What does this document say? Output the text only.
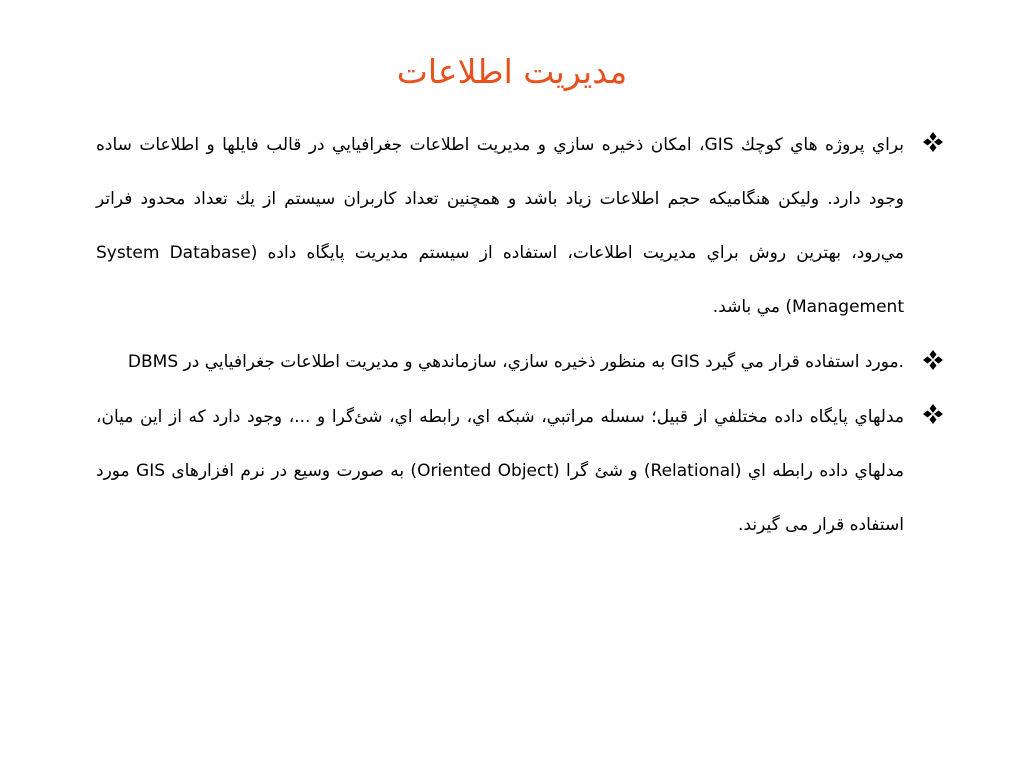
مديريت اطلاعات

براي پروژه هاي كوچك GIS، امكان ذخيره سازي و مديريت اطلاعات جغرافيايي در قالب فايلها و اطلاعات ساده وجود دارد. وليكن هنگاميكه حجم اطلاعات زياد باشد و همچنين تعداد كاربران سيستم از يك تعداد محدود فراتر مي‌رود، بهترين روش براي مديريت اطلاعات، استفاده از سيستم مديريت پايگاه داده (System Database Management) مي باشد.

DBMS به منظور ذخيره سازي، سازماندهي و مديريت اطلاعات جغرافيايي در GIS مورد استفاده قرار مي گيرد.

مدلهاي پايگاه داده مختلفي از قبيل؛ سسله مراتبي، شبكه اي، رابطه اي، شئ‌گرا و ...، وجود دارد كه از اين ميان، مدلهاي داده رابطه اي (Relational) و شئ گرا (Oriented Object) به صورت وسيع در نرم افزارهای GIS مورد استفاده قرار می گیرند.
